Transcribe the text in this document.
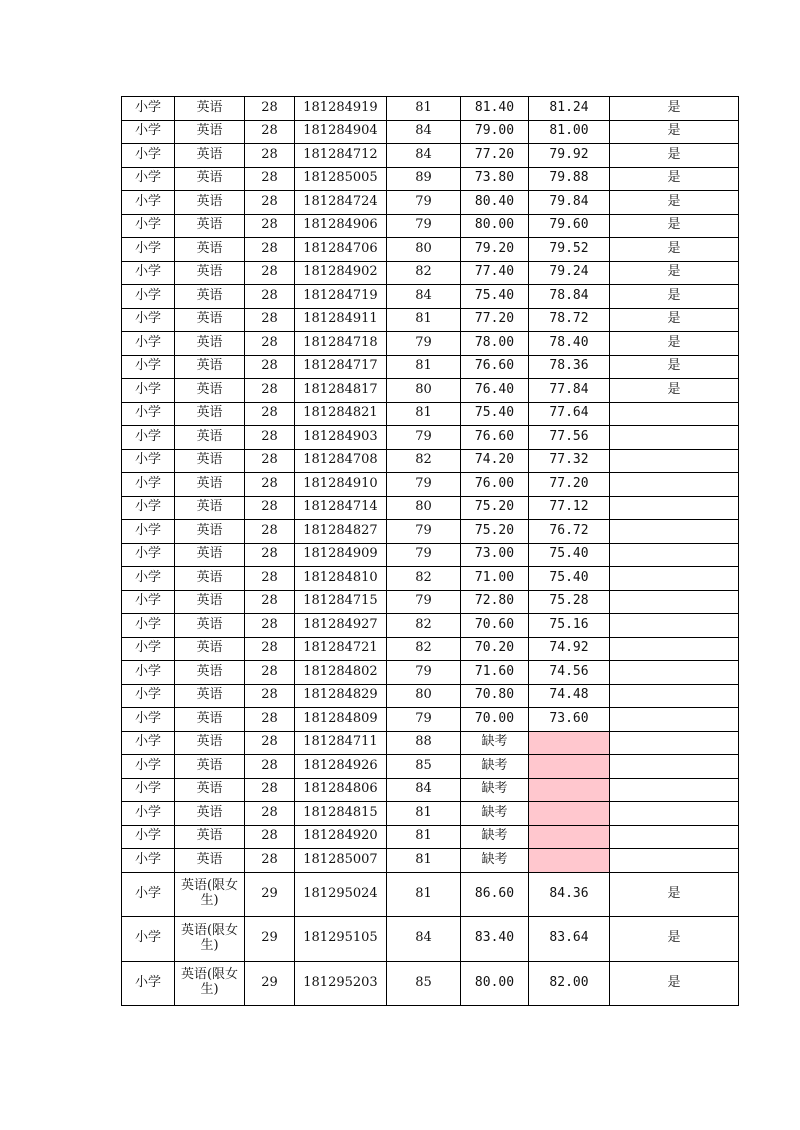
小学	英语	28	181284919	81	81.40	81.24	是
小学	英语	28	181284904	84	79.00	81.00	是
小学	英语	28	181284712	84	77.20	79.92	是
小学	英语	28	181285005	89	73.80	79.88	是
小学	英语	28	181284724	79	80.40	79.84	是
小学	英语	28	181284906	79	80.00	79.60	是
小学	英语	28	181284706	80	79.20	79.52	是
小学	英语	28	181284902	82	77.40	79.24	是
小学	英语	28	181284719	84	75.40	78.84	是
小学	英语	28	181284911	81	77.20	78.72	是
小学	英语	28	181284718	79	78.00	78.40	是
小学	英语	28	181284717	81	76.60	78.36	是
小学	英语	28	181284817	80	76.40	77.84	是
小学	英语	28	181284821	81	75.40	77.64	
小学	英语	28	181284903	79	76.60	77.56	
小学	英语	28	181284708	82	74.20	77.32	
小学	英语	28	181284910	79	76.00	77.20	
小学	英语	28	181284714	80	75.20	77.12	
小学	英语	28	181284827	79	75.20	76.72	
小学	英语	28	181284909	79	73.00	75.40	
小学	英语	28	181284810	82	71.00	75.40	
小学	英语	28	181284715	79	72.80	75.28	
小学	英语	28	181284927	82	70.60	75.16	
小学	英语	28	181284721	82	70.20	74.92	
小学	英语	28	181284802	79	71.60	74.56	
小学	英语	28	181284829	80	70.80	74.48	
小学	英语	28	181284809	79	70.00	73.60	
小学	英语	28	181284711	88	缺考		
小学	英语	28	181284926	85	缺考		
小学	英语	28	181284806	84	缺考		
小学	英语	28	181284815	81	缺考		
小学	英语	28	181284920	81	缺考		
小学	英语	28	181285007	81	缺考		
小学	英语(限女生)	29	181295024	81	86.60	84.36	是
小学	英语(限女生)	29	181295105	84	83.40	83.64	是
小学	英语(限女生)	29	181295203	85	80.00	82.00	是
